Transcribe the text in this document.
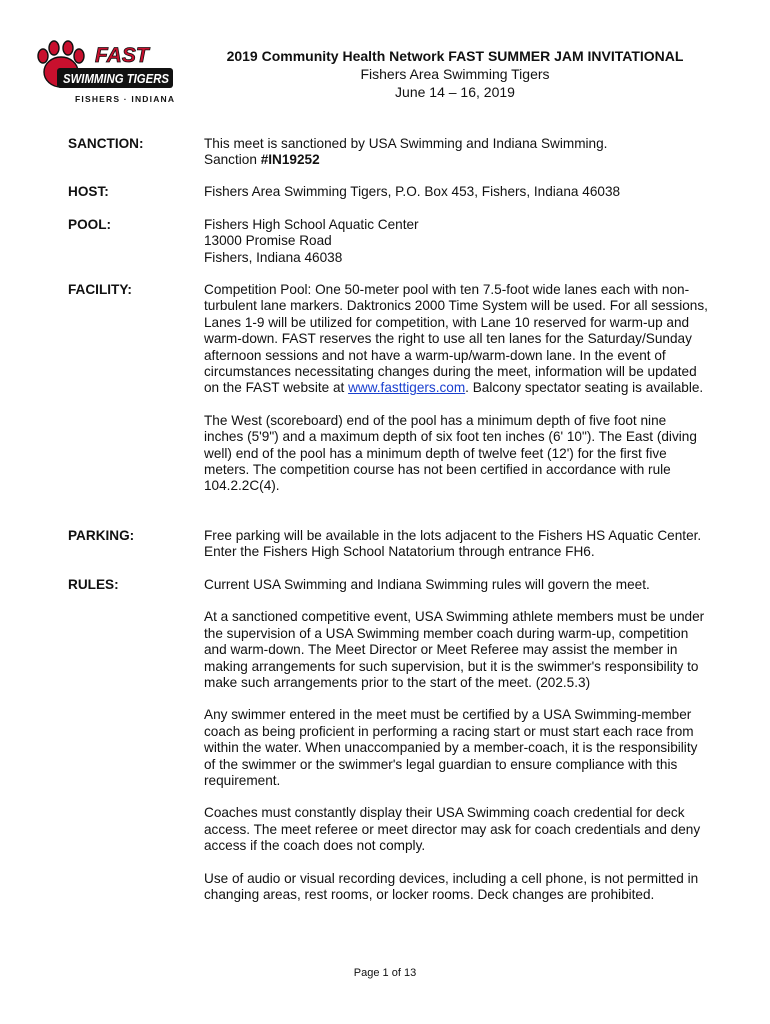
FAST
SWIMMING TIGERS
FISHERS · INDIANA
2019 Community Health Network FAST SUMMER JAM INVITATIONAL
Fishers Area Swimming Tigers
June 14 – 16, 2019
SANCTION:	This meet is sanctioned by USA Swimming and Indiana Swimming.
Sanction #IN19252
HOST:	Fishers Area Swimming Tigers, P.O. Box 453, Fishers, Indiana 46038
POOL:	Fishers High School Aquatic Center
13000 Promise Road
Fishers, Indiana 46038
FACILITY:	Competition Pool: One 50-meter pool with ten 7.5-foot wide lanes each with non-turbulent lane markers. Daktronics 2000 Time System will be used. For all sessions, Lanes 1-9 will be utilized for competition, with Lane 10 reserved for warm-up and warm-down. FAST reserves the right to use all ten lanes for the Saturday/Sunday afternoon sessions and not have a warm-up/warm-down lane. In the event of circumstances necessitating changes during the meet, information will be updated on the FAST website at www.fasttigers.com. Balcony spectator seating is available.

The West (scoreboard) end of the pool has a minimum depth of five foot nine inches (5'9") and a maximum depth of six foot ten inches (6' 10"). The East (diving well) end of the pool has a minimum depth of twelve feet (12') for the first five meters. The competition course has not been certified in accordance with rule 104.2.2C(4).

PARKING:	Free parking will be available in the lots adjacent to the Fishers HS Aquatic Center. Enter the Fishers High School Natatorium through entrance FH6.
RULES:	Current USA Swimming and Indiana Swimming rules will govern the meet.

At a sanctioned competitive event, USA Swimming athlete members must be under the supervision of a USA Swimming member coach during warm-up, competition and warm-down. The Meet Director or Meet Referee may assist the member in making arrangements for such supervision, but it is the swimmer's responsibility to make such arrangements prior to the start of the meet. (202.5.3)

Any swimmer entered in the meet must be certified by a USA Swimming-member coach as being proficient in performing a racing start or must start each race from within the water. When unaccompanied by a member-coach, it is the responsibility of the swimmer or the swimmer's legal guardian to ensure compliance with this requirement.

Coaches must constantly display their USA Swimming coach credential for deck access. The meet referee or meet director may ask for coach credentials and deny access if the coach does not comply.

Use of audio or visual recording devices, including a cell phone, is not permitted in changing areas, rest rooms, or locker rooms. Deck changes are prohibited.

Page 1 of 13
